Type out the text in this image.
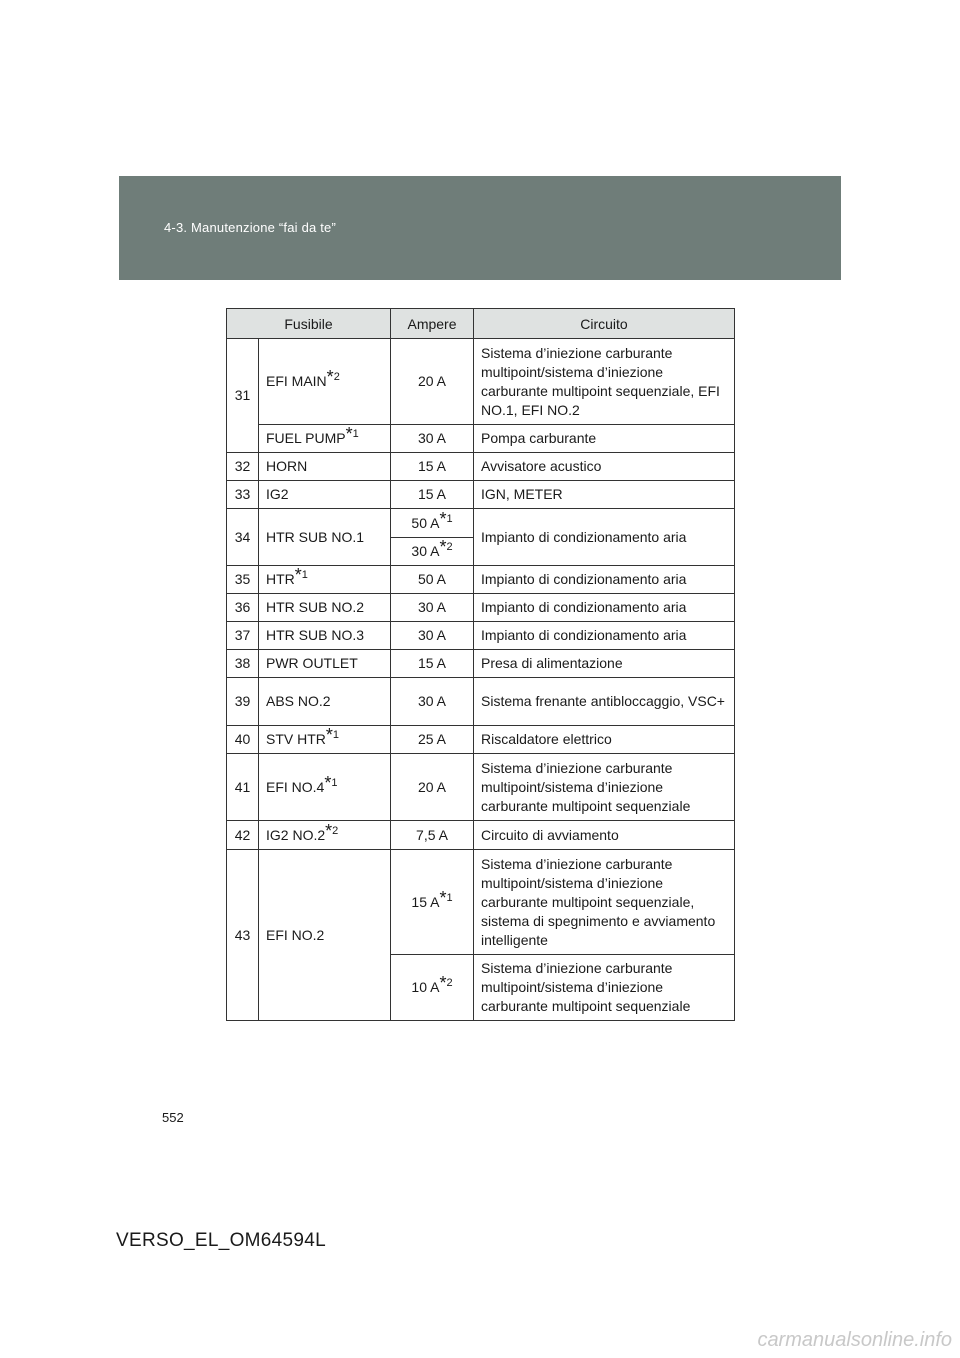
4-3. Manutenzione “fai da te”
Fusibile		Ampere	Circuito
31	EFI MAIN$^{*2}$	20 A	Sistema d’iniezione carburante multipoint/sistema d’iniezione carburante multipoint sequenziale, EFI NO.1, EFI NO.2
	FUEL PUMP$^{*1}$	30 A	Pompa carburante
32	HORN	15 A	Avvisatore acustico
33	IG2	15 A	IGN, METER
34	HTR SUB NO.1	50 $A^{*1}$	Impianto di condizionamento aria
		30 $A^{*2}$
35	HTR$^{*1}$	50 A	Impianto di condizionamento aria
36	HTR SUB NO.2	30 A	Impianto di condizionamento aria
37	HTR SUB NO.3	30 A	Impianto di condizionamento aria
38	PWR OUTLET	15 A	Presa di alimentazione
39	ABS NO.2	30 A	Sistema frenante antibloccaggio, VSC+
40	STV HTR$^{*1}$	25 A	Riscaldatore elettrico
41	EFI NO.4$^{*1}$	20 A	Sistema d’iniezione carburante multipoint/sistema d’iniezione carburante multipoint sequenziale
42	IG2 NO.2$^{*2}$	7,5 A	Circuito di avviamento
43	EFI NO.2	15 $A^{*1}$	Sistema d’iniezione carburante multipoint/sistema d’iniezione carburante multipoint sequenziale, sistema di spegnimento e avviamento intelligente
		10 $A^{*2}$	Sistema d’iniezione carburante multipoint/sistema d’iniezione carburante multipoint sequenziale
552
VERSO_EL_OM64594L
carmanualsonline.info
